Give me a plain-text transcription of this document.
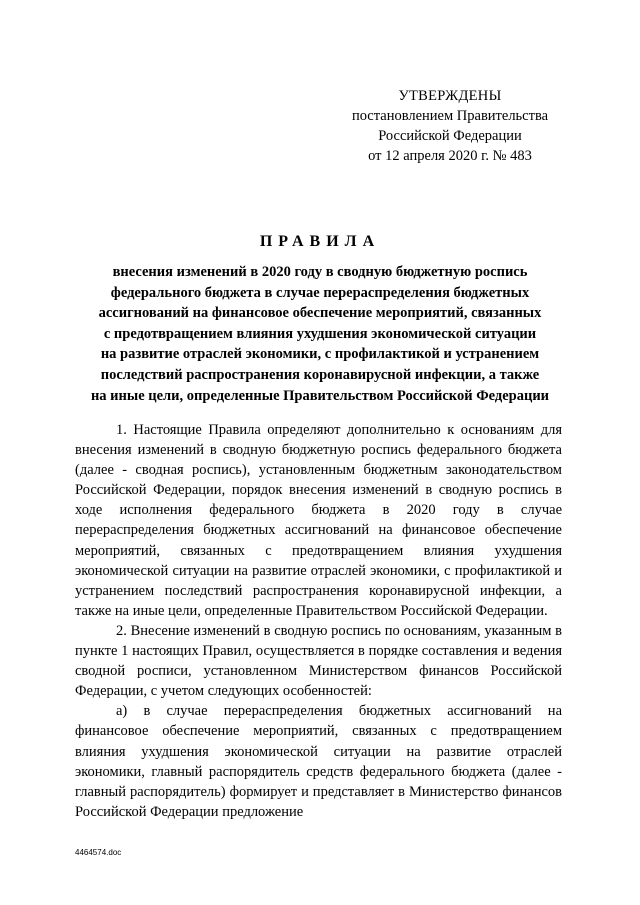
УТВЕРЖДЕНЫ
постановлением Правительства
Российской Федерации
от 12 апреля 2020 г. № 483
ПРАВИЛА
внесения изменений в 2020 году в сводную бюджетную роспись
федерального бюджета в случае перераспределения бюджетных
ассигнований на финансовое обеспечение мероприятий, связанных
с предотвращением влияния ухудшения экономической ситуации
на развитие отраслей экономики, с профилактикой и устранением
последствий распространения коронавирусной инфекции, а также
на иные цели, определенные Правительством Российской Федерации

1. Настоящие Правила определяют дополнительно к основаниям для внесения изменений в сводную бюджетную роспись федерального бюджета (далее - сводная роспись), установленным бюджетным законодательством Российской Федерации, порядок внесения изменений в сводную роспись в ходе исполнения федерального бюджета в 2020 году в случае перераспределения бюджетных ассигнований на финансовое обеспечение мероприятий, связанных с предотвращением влияния ухудшения экономической ситуации на развитие отраслей экономики, с профилактикой и устранением последствий распространения коронавирусной инфекции, а также на иные цели, определенные Правительством Российской Федерации.

2. Внесение изменений в сводную роспись по основаниям, указанным в пункте 1 настоящих Правил, осуществляется в порядке составления и ведения сводной росписи, установленном Министерством финансов Российской Федерации, с учетом следующих особенностей:

а) в случае перераспределения бюджетных ассигнований на финансовое обеспечение мероприятий, связанных с предотвращением влияния ухудшения экономической ситуации на развитие отраслей экономики, главный распорядитель средств федерального бюджета (далее - главный распорядитель) формирует и представляет в Министерство финансов Российской Федерации предложение

4464574.doc
